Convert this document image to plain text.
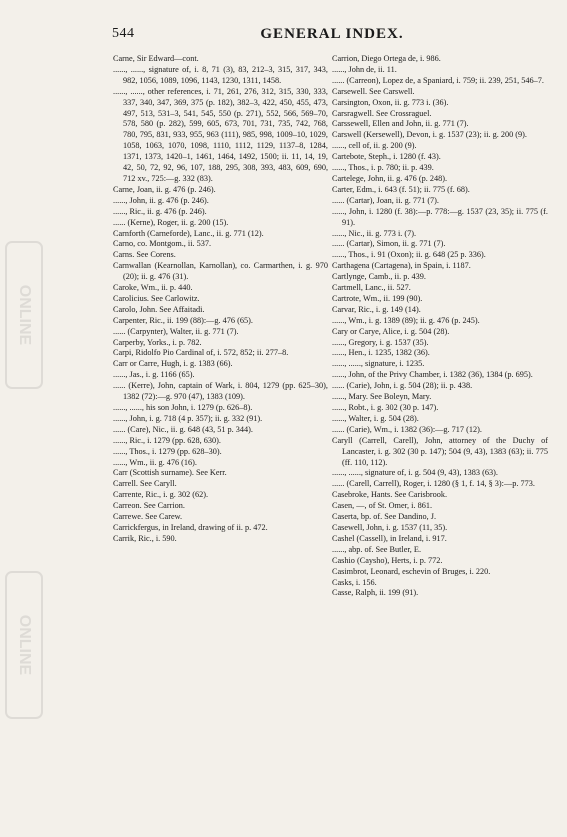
544	GENERAL INDEX.
ONLINE
ONLINE

Carne, Sir Edward—cont.

......, ......, signature of, i. 8, 71 (3), 83, 212–3, 315, 317, 343, 982, 1056, 1089, 1096, 1143, 1230, 1311, 1458.

......, ......, other references, i. 71, 261, 276, 312, 315, 330, 333, 337, 340, 347, 369, 375 (p. 182), 382–3, 422, 450, 455, 473, 497, 513, 531–3, 541, 545, 550 (p. 271), 552, 566, 569–70, 578, 580 (p. 282), 599, 605, 673, 701, 731, 735, 742, 768, 780, 795, 831, 933, 955, 963 (111), 985, 998, 1009–10, 1029, 1058, 1063, 1070, 1098, 1110, 1112, 1129, 1137–8, 1284, 1371, 1373, 1420–1, 1461, 1464, 1492, 1500; ii. 11, 14, 19, 42, 50, 72, 92, 96, 107, 188, 295, 308, 393, 483, 609, 690, 712 xv., 725:—g. 332 (83).

Carne, Joan, ii. g. 476 (p. 246).

......, John, ii. g. 476 (p. 246).

......, Ric., ii. g. 476 (p. 246).

...... (Kerne), Roger, ii. g. 200 (15).

Carnforth (Carneforde), Lanc., ii. g. 771 (12).

Carno, co. Montgom., ii. 537.

Carns. See Corens.

Carnwallan (Kearnollan, Karnollan), co. Carmarthen, i. g. 970 (20); ii. g. 476 (31).

Caroke, Wm., ii. p. 440.

Carolicius. See Carlowitz.

Carolo, John. See Affaitadi.

Carpenter, Ric., ii. 199 (88):—g. 476 (65).

...... (Carpynter), Walter, ii. g. 771 (7).

Carperby, Yorks., i. p. 782.

Carpi, Ridolfo Pio Cardinal of, i. 572, 852; ii. 277–8.

Carr or Carre, Hugh, i. g. 1383 (66).

......, Jas., i. g. 1166 (65).

...... (Kerre), John, captain of Wark, i. 804, 1279 (pp. 625–30), 1382 (72):—g. 970 (47), 1383 (109).

......, ......, his son John, i. 1279 (p. 626–8).

......, John, i. g. 718 (4 p. 357); ii. g. 332 (91).

...... (Care), Nic., ii. g. 648 (43, 51 p. 344).

......, Ric., i. 1279 (pp. 628, 630).

......, Thos., i. 1279 (pp. 628–30).

......, Wm., ii. g. 476 (16).

Carr (Scottish surname). See Kerr.

Carrell. See Caryll.

Carrente, Ric., i. g. 302 (62).

Carreon. See Carrion.

Carrewe. See Carew.

Carrickfergus, in Ireland, drawing of ii. p. 472.

Carrik, Ric., i. 590.

Carrion, Diego Ortega de, i. 986.

......, John de, ii. 11.

...... (Carreon), Lopez de, a Spaniard, i. 759; ii. 239, 251, 546–7.

Carsewell. See Carswell.

Carsington, Oxon, ii. g. 773 i. (36).

Carsragwell. See Crossraguel.

Carssewell, Ellen and John, ii. g. 771 (7).

Carswell (Kersewell), Devon, i. g. 1537 (23); ii. g. 200 (9).

......, cell of, ii. g. 200 (9).

Cartebote, Steph., i. 1280 (f. 43).

......, Thos., i. p. 780; ii. p. 439.

Cartelege, John, ii. g. 476 (p. 248).

Carter, Edm., i. 643 (f. 51); ii. 775 (f. 68).

...... (Cartar), Joan, ii. g. 771 (7).

......, John, i. 1280 (f. 38):—p. 778:—g. 1537 (23, 35); ii. 775 (f. 91).

......, Nic., ii. g. 773 i. (7).

...... (Cartar), Simon, ii. g. 771 (7).

......, Thos., i. 91 (Oxon); ii. g. 648 (25 p. 336).

Carthagena (Cartagena), in Spain, i. 1187.

Cartlynge, Camb., ii. p. 439.

Cartmell, Lanc., ii. 527.

Cartrote, Wm., ii. 199 (90).

Carvar, Ric., i. g. 149 (14).

......, Wm., i. g. 1389 (89); ii. g. 476 (p. 245).

Cary or Carye, Alice, i. g. 504 (28).

......, Gregory, i. g. 1537 (35).

......, Hen., i. 1235, 1382 (36).

......, ......, signature, i. 1235.

......, John, of the Privy Chamber, i. 1382 (36), 1384 (p. 695).

...... (Carie), John, i. g. 504 (28); ii. p. 438.

......, Mary. See Boleyn, Mary.

......, Robt., i. g. 302 (30 p. 147).

......, Walter, i. g. 504 (28).

...... (Carie), Wm., i. 1382 (36):—g. 717 (12).

Caryll (Carrell, Carell), John, attorney of the Duchy of Lancaster, i. g. 302 (30 p. 147); 504 (9, 43), 1383 (63); ii. 775 (ff. 110, 112).

......, ......, signature of, i. g. 504 (9, 43), 1383 (63).

...... (Carell, Carrell), Roger, i. 1280 (§ 1, f. 14, § 3):—p. 773.

Casebroke, Hants. See Carisbrook.

Casen, —, of St. Omer, i. 861.

Caserta, bp. of. See Dandino, J.

Casewell, John, i. g. 1537 (11, 35).

Cashel (Cassell), in Ireland, i. 917.

......, abp. of. See Butler, E.

Cashio (Caysho), Herts, i. p. 772.

Casimbrot, Leonard, eschevin of Bruges, i. 220.

Casks, i. 156.

Casse, Ralph, ii. 199 (91).
